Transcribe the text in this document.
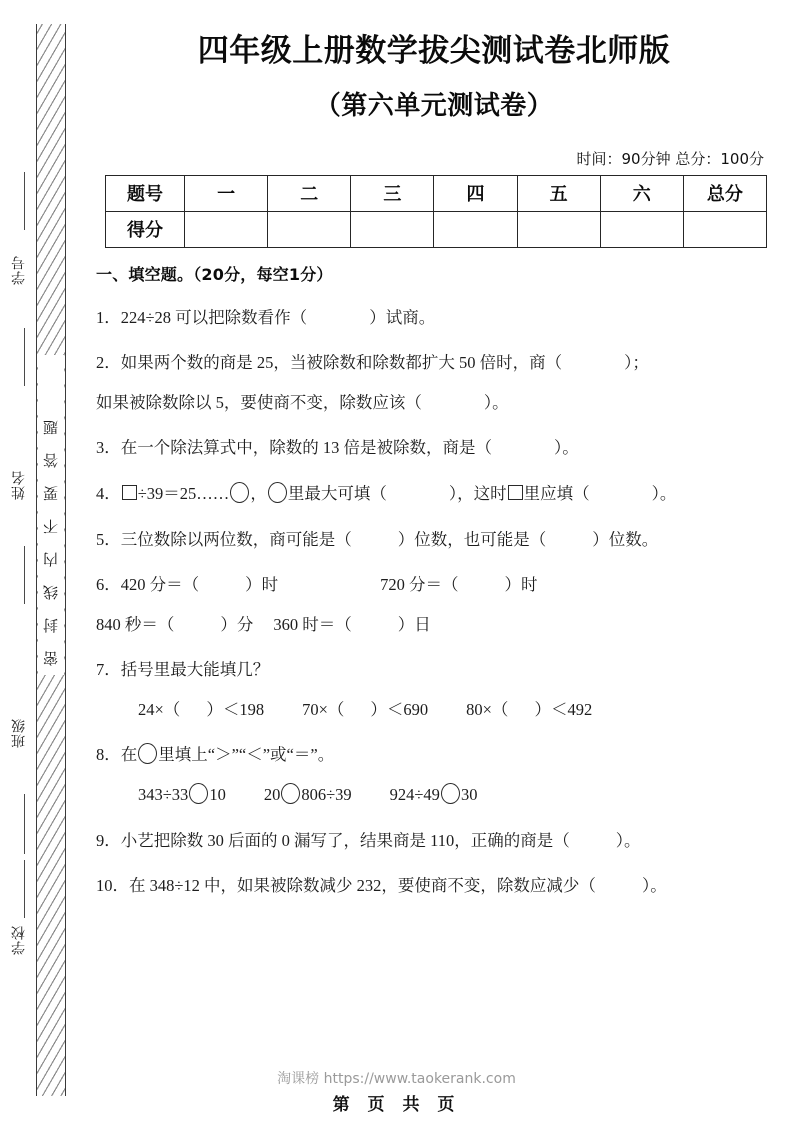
密
封
线
内
不
要
答
题
学号
姓名
班级
学校
四年级上册数学拔尖测试卷北师版
（第六单元测试卷）
时间：90分钟 总分：100分
题号	一	二	三	四	五	六	总分
得分							
一、填空题。（20分，每空1分）
1．224÷28 可以把除数看作（	）试商。
2．如果两个数的商是 25，当被除数和除数都扩大 50 倍时，商（	）；
如果被除数除以 5，要使商不变，除数应该（	）。
3．在一个除法算式中，除数的 13 倍是被除数，商是（	）。
4． ÷39＝25…… ， 里最大可填（	），这时 里应填（	）。
5．三位数除以两位数，商可能是（	）位数，也可能是（	）位数。
6．420 分＝（	）时	720 分＝（	）时
840 秒＝（	）分 360 时＝（	）日
7．括号里最大能填几？
24×（ ）＜198 70×（ ）＜690 80×（ ）＜492
8．在 里填上“＞”“＜”或“＝”。
343÷33 10 20 806÷39 924÷49 30
9．小艺把除数 30 后面的 0 漏写了，结果商是 110，正确的商是（	）。
10．在 348÷12 中，如果被除数减少 232，要使商不变，除数应减少（	）。
淘课榜 https://www.taokerank.com
第 页 共 页
